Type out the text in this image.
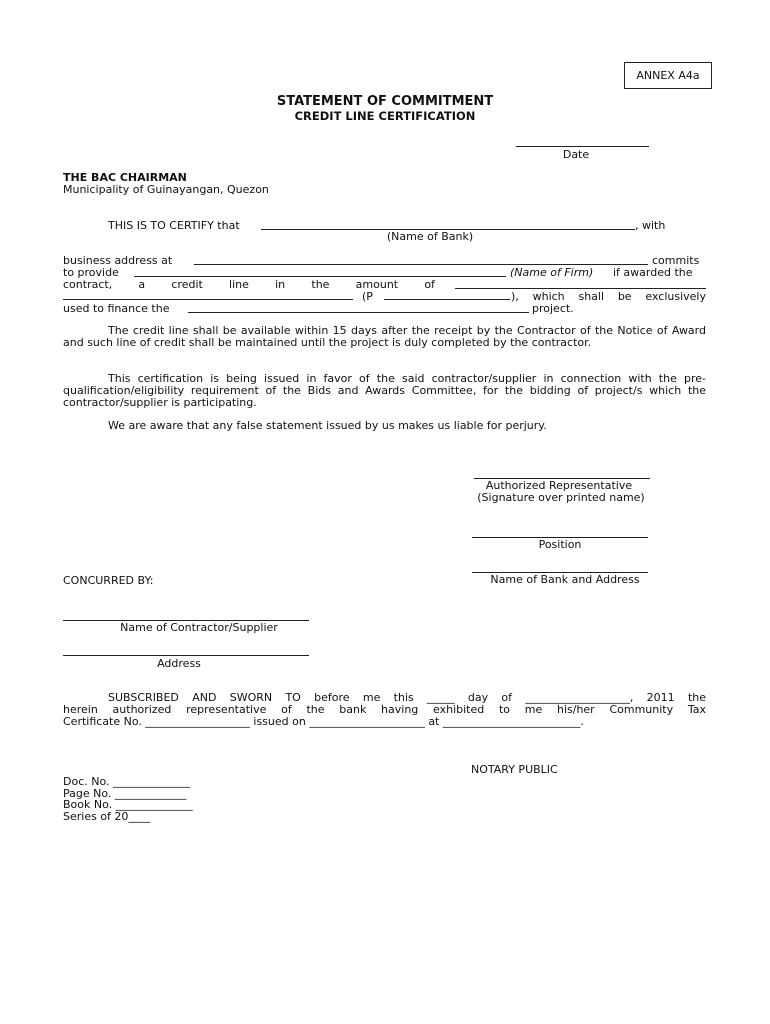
ANNEX A4a
STATEMENT OF COMMITMENT
CREDIT LINE CERTIFICATION
Date
THE BAC CHAIRMAN
Municipality of Guinayangan, Quezon
THIS IS TO CERTIFY that	, with
(Name of Bank)
business address at	commits
to provide	(Name of Firm) if awarded the
contract, a credit line in the amount of
(P	), which shall be exclusively
used to finance the	project.
The credit line shall be available within 15 days after the receipt by the Contractor of the Notice of Award and such line of credit shall be maintained until the project is duly completed by the contractor.
This certification is being issued in favor of the said contractor/supplier in connection with the pre-qualification/eligibility requirement of the Bids and Awards Committee, for the bidding of project/s which the contractor/supplier is participating.
We are aware that any false statement issued by us makes us liable for perjury.
Authorized Representative
(Signature over printed name)
Position
CONCURRED BY:	Name of Bank and Address
Name of Contractor/Supplier
Address
SUBSCRIBED AND SWORN TO before me this _____ day of ___________________, 2011 the
herein authorized representative of the bank having exhibited to me his/her Community Tax
Certificate No. ___________________ issued on _____________________ at _________________________.
NOTARY PUBLIC
Doc. No. ______________
Page No. _____________
Book No. ______________
Series of 20____
